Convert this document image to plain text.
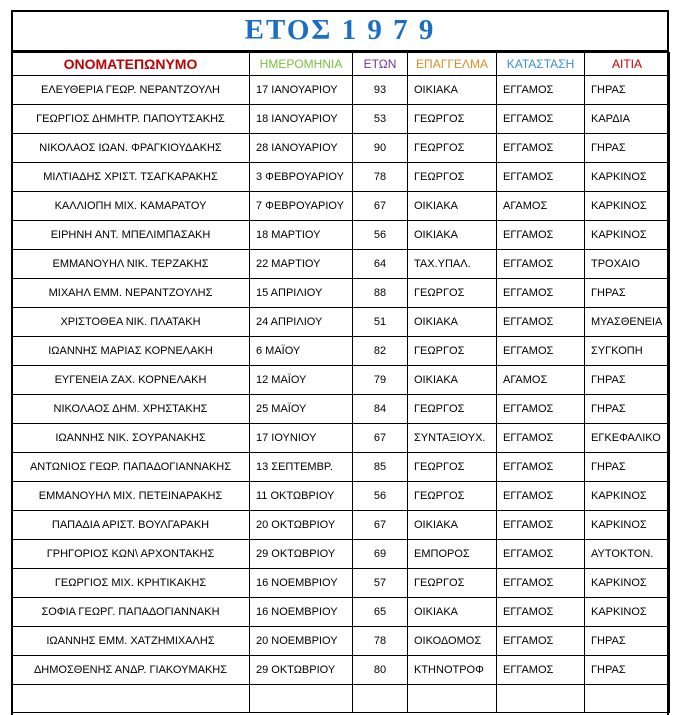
ΕΤΟΣ 1 9 7 9
ΟΝΟΜΑΤΕΠΩΝΥΜΟ	ΗΜΕΡΟΜΗΝΙΑ	ΕΤΩΝ	ΕΠΑΓΓΕΛΜΑ	ΚΑΤΑΣΤΑΣΗ	ΑΙΤΙΑ
ΕΛΕΥΘΕΡΙΑ ΓΕΩΡ. ΝΕΡΑΝΤΖΟΥΛΗ	17 ΙΑΝΟΥΑΡΙΟΥ	93	ΟΙΚΙΑΚΑ	ΕΓΓΑΜΟΣ	ΓΗΡΑΣ
ΓΕΩΡΓΙΟΣ ΔΗΜΗΤΡ. ΠΑΠΟΥΤΣΑΚΗΣ	18 ΙΑΝΟΥΑΡΙΟΥ	53	ΓΕΩΡΓΟΣ	ΕΓΓΑΜΟΣ	ΚΑΡΔΙΑ
ΝΙΚΟΛΑΟΣ ΙΩΑΝ. ΦΡΑΓΚΙΟΥΔΑΚΗΣ	28 ΙΑΝΟΥΑΡΙΟΥ	90	ΓΕΩΡΓΟΣ	ΕΓΓΑΜΟΣ	ΓΗΡΑΣ
ΜΙΛΤΙΑΔΗΣ ΧΡΙΣΤ. ΤΣΑΓΚΑΡΑΚΗΣ	3 ΦΕΒΡΟΥΑΡΙΟΥ	78	ΓΕΩΡΓΟΣ	ΕΓΓΑΜΟΣ	ΚΑΡΚΙΝΟΣ
ΚΑΛΛΙΟΠΗ ΜΙΧ. ΚΑΜΑΡΑΤΟΥ	7 ΦΕΒΡΟΥΑΡΙΟΥ	67	ΟΙΚΙΑΚΑ	ΑΓΑΜΟΣ	ΚΑΡΚΙΝΟΣ
ΕΙΡΗΝΗ ΑΝΤ. ΜΠΕΛΙΜΠΑΣΑΚΗ	18 ΜΑΡΤΙΟΥ	56	ΟΙΚΙΑΚΑ	ΕΓΓΑΜΟΣ	ΚΑΡΚΙΝΟΣ
ΕΜΜΑΝΟΥΗΛ ΝΙΚ. ΤΕΡΖΑΚΗΣ	22 ΜΑΡΤΙΟΥ	64	ΤΑΧ.ΥΠΑΛ.	ΕΓΓΑΜΟΣ	ΤΡΟΧΑΙΟ
ΜΙΧΑΗΛ ΕΜΜ. ΝΕΡΑΝΤΖΟΥΛΗΣ	15 ΑΠΡΙΛΙΟΥ	88	ΓΕΩΡΓΟΣ	ΕΓΓΑΜΟΣ	ΓΗΡΑΣ
ΧΡΙΣΤΟΘΕΑ ΝΙΚ. ΠΛΑΤΑΚΗ	24 ΑΠΡΙΛΙΟΥ	51	ΟΙΚΙΑΚΑ	ΕΓΓΑΜΟΣ	ΜΥΑΣΘΕΝΕΙΑ
ΙΩΑΝΝΗΣ ΜΑΡΙΑΣ ΚΟΡΝΕΛΑΚΗ	6 ΜΑΪΟΥ	82	ΓΕΩΡΓΟΣ	ΕΓΓΑΜΟΣ	ΣΥΓΚΟΠΗ
ΕΥΓΕΝΕΙΑ ΖΑΧ. ΚΟΡΝΕΛΑΚΗ	12 ΜΑΪΟΥ	79	ΟΙΚΙΑΚΑ	ΑΓΑΜΟΣ	ΓΗΡΑΣ
ΝΙΚΟΛΑΟΣ ΔΗΜ. ΧΡΗΣΤΑΚΗΣ	25 ΜΑΪΟΥ	84	ΓΕΩΡΓΟΣ	ΕΓΓΑΜΟΣ	ΓΗΡΑΣ
ΙΩΑΝΝΗΣ ΝΙΚ. ΣΟΥΡΑΝΑΚΗΣ	17 ΙΟΥΝΙΟΥ	67	ΣΥΝΤΑΞΙΟΥΧ.	ΕΓΓΑΜΟΣ	ΕΓΚΕΦΑΛΙΚΟ
ΑΝΤΩΝΙΟΣ ΓΕΩΡ. ΠΑΠΑΔΟΓΙΑΝΝΑΚΗΣ	13 ΣΕΠΤΕΜΒΡ.	85	ΓΕΩΡΓΟΣ	ΕΓΓΑΜΟΣ	ΓΗΡΑΣ
ΕΜΜΑΝΟΥΗΛ ΜΙΧ. ΠΕΤΕΙΝΑΡΑΚΗΣ	11 ΟΚΤΩΒΡΙΟΥ	56	ΓΕΩΡΓΟΣ	ΕΓΓΑΜΟΣ	ΚΑΡΚΙΝΟΣ
ΠΑΠΑΔΙΑ ΑΡΙΣΤ. ΒΟΥΛΓΑΡΑΚΗ	20 ΟΚΤΩΒΡΙΟΥ	67	ΟΙΚΙΑΚΑ	ΕΓΓΑΜΟΣ	ΚΑΡΚΙΝΟΣ
ΓΡΗΓΟΡΙΟΣ ΚΩΝ\ ΑΡΧΟΝΤΑΚΗΣ	29 ΟΚΤΩΒΡΙΟΥ	69	ΕΜΠΟΡΟΣ	ΕΓΓΑΜΟΣ	ΑΥΤΟΚΤΟΝ.
ΓΕΩΡΓΙΟΣ ΜΙΧ. ΚΡΗΤΙΚΑΚΗΣ	16 ΝΟΕΜΒΡΙΟΥ	57	ΓΕΩΡΓΟΣ	ΕΓΓΑΜΟΣ	ΚΑΡΚΙΝΟΣ
ΣΟΦΙΑ ΓΕΩΡΓ. ΠΑΠΑΔΟΓΙΑΝΝΑΚΗ	16 ΝΟΕΜΒΡΙΟΥ	65	ΟΙΚΙΑΚΑ	ΕΓΓΑΜΟΣ	ΚΑΡΚΙΝΟΣ
ΙΩΑΝΝΗΣ ΕΜΜ. ΧΑΤΖΗΜΙΧΑΛΗΣ	20 ΝΟΕΜΒΡΙΟΥ	78	ΟΙΚΟΔΟΜΟΣ	ΕΓΓΑΜΟΣ	ΓΗΡΑΣ
ΔΗΜΟΣΘΕΝΗΣ ΑΝΔΡ. ΓΙΑΚΟΥΜΑΚΗΣ	29 ΟΚΤΩΒΡΙΟΥ	80	ΚΤΗΝΟΤΡΟΦ	ΕΓΓΑΜΟΣ	ΓΗΡΑΣ
